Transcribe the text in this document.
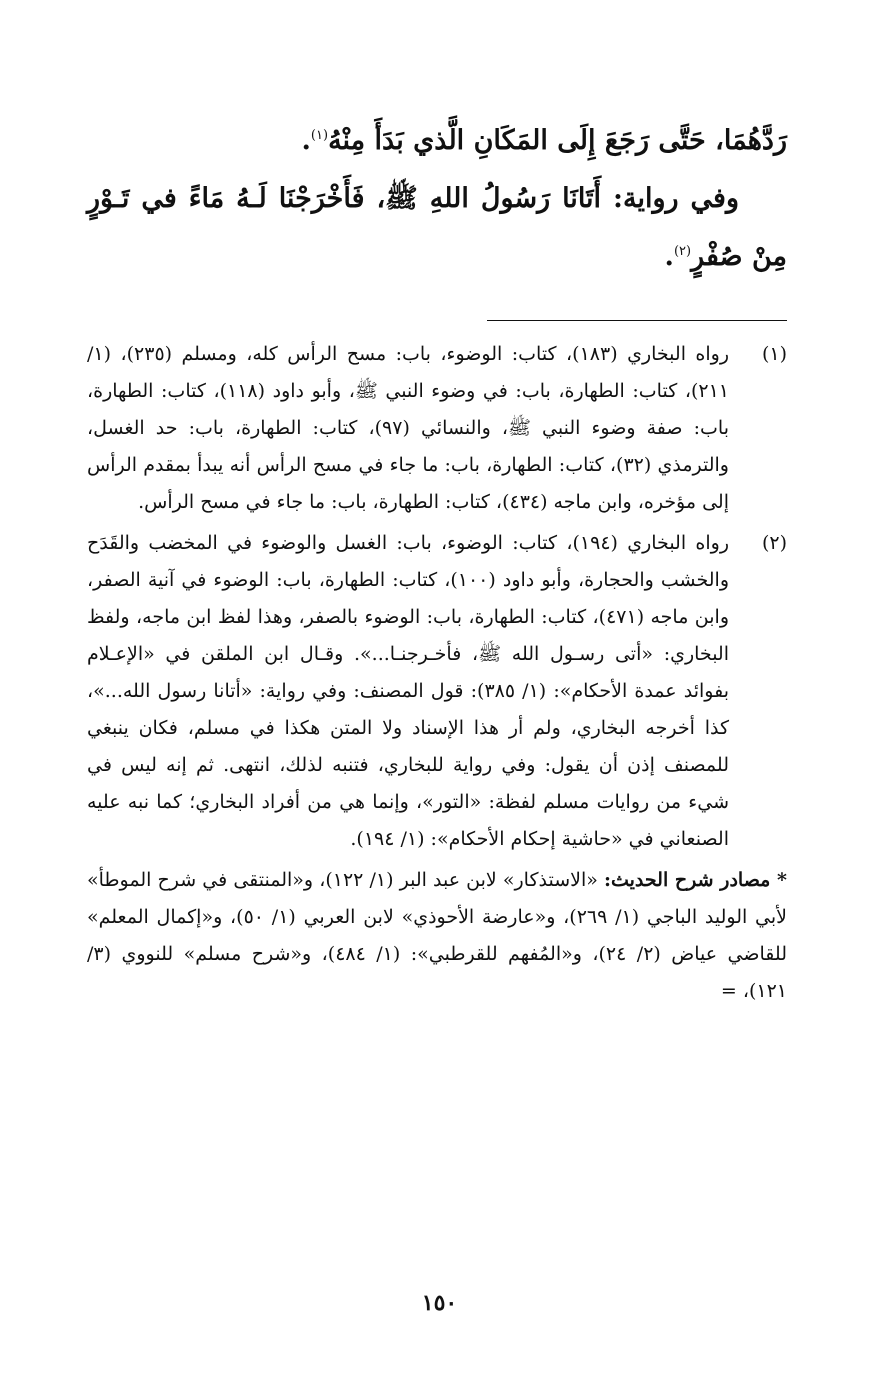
رَدَّهُمَا، حَتَّى رَجَعَ إِلَى المَكَانِ الَّذي بَدَأَ مِنْهُ$^{(١)}$.

وفي رواية: أَتَانَا رَسُولُ اللهِ ﷺ، فَأَخْرَجْنَا لَـهُ مَاءً في تَـوْرٍ مِنْ صُفْرٍ$^{(٢)}$.

(١)
رواه البخاري (١٨٣)، كتاب: الوضوء، باب: مسح الرأس كله، ومسلم (٢٣٥)، (١/ ٢١١)، كتاب: الطهارة، باب: في وضوء النبي ﷺ، وأبو داود (١١٨)، كتاب: الطهارة، باب: صفة وضوء النبي ﷺ، والنسائي (٩٧)، كتاب: الطهارة، باب: حد الغسل، والترمذي (٣٢)، كتاب: الطهارة، باب: ما جاء في مسح الرأس أنه يبدأ بمقدم الرأس إلى مؤخره، وابن ماجه (٤٣٤)، كتاب: الطهارة، باب: ما جاء في مسح الرأس.
(٢)
رواه البخاري (١٩٤)، كتاب: الوضوء، باب: الغسل والوضوء في المخضب والقَدَح والخشب والحجارة، وأبو داود (١٠٠)، كتاب: الطهارة، باب: الوضوء في آنية الصفر، وابن ماجه (٤٧١)، كتاب: الطهارة، باب: الوضوء بالصفر، وهذا لفظ ابن ماجه، ولفظ البخاري: «أتى رسـول الله ﷺ، فأخـرجنـا...». وقـال ابن الملقن في «الإعـلام بفوائد عمدة الأحكام»: (١/ ٣٨٥): قول المصنف: وفي رواية: «أتانا رسول الله...»، كذا أخرجه البخاري، ولم أر هذا الإسناد ولا المتن هكذا في مسلم، فكان ينبغي للمصنف إذن أن يقول: وفي رواية للبخاري، فتنبه لذلك، انتهى. ثم إنه ليس في شيء من روايات مسلم لفظة: «التور»، وإنما هي من أفراد البخاري؛ كما نبه عليه الصنعاني في «حاشية إحكام الأحكام»: (١/ ١٩٤).
* مصادر شرح الحديث: «الاستذكار» لابن عبد البر (١/ ١٢٢)، و«المنتقى في شرح الموطأ» لأبي الوليد الباجي (١/ ٢٦٩)، و«عارضة الأحوذي» لابن العربي (١/ ٥٠)، و«إكمال المعلم» للقاضي عياض (٢/ ٢٤)، و«المُفهم للقرطبي»: (١/ ٤٨٤)، و«شرح مسلم» للنووي (٣/ ١٢١)، =
١٥٠
